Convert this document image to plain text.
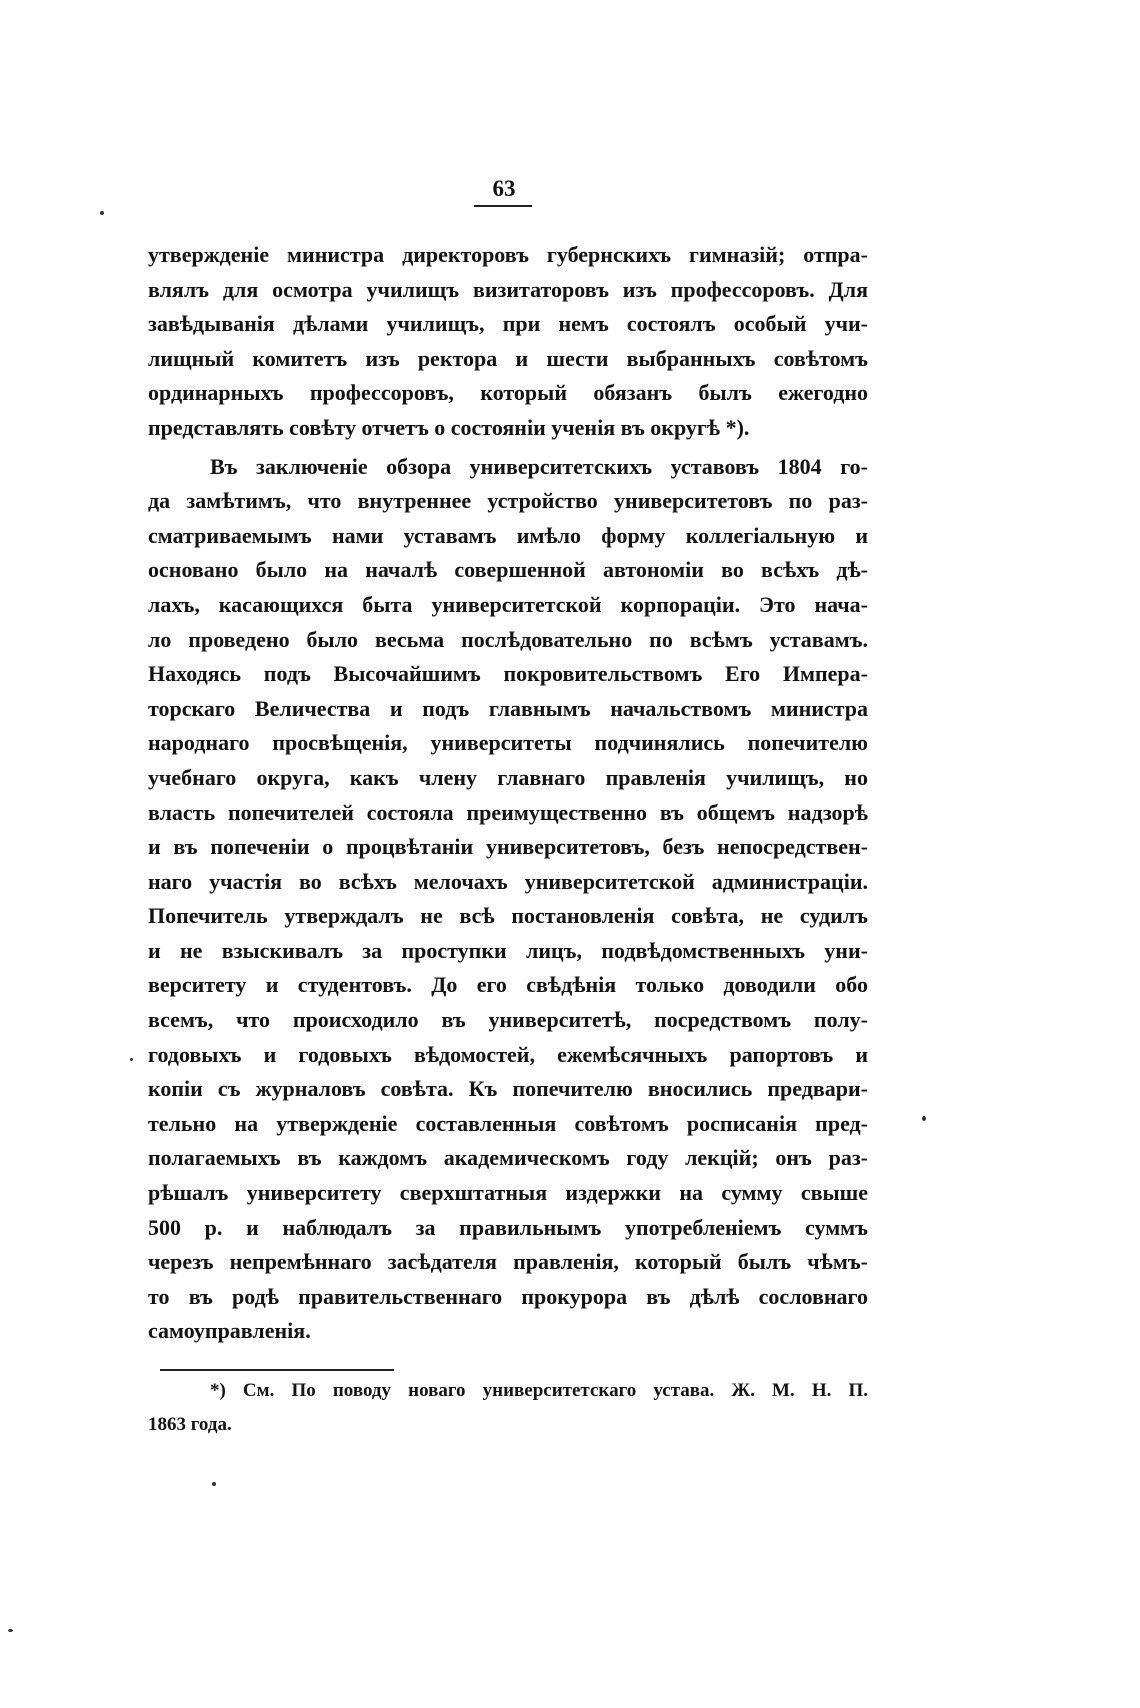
63
утвержденіе министра директоровъ губернскихъ гимназій; отпра-
влялъ для осмотра училищъ визитаторовъ изъ профессоровъ. Для
завѣдыванія дѣлами училищъ, при немъ состоялъ особый учи-
лищный комитетъ изъ ректора и шести выбранныхъ совѣтомъ
ординарныхъ профессоровъ, который обязанъ былъ ежегодно
представлять совѣту отчетъ о состояніи ученія въ округѣ *).
Въ заключеніе обзора университетскихъ уставовъ 1804 го-
да замѣтимъ, что внутреннее устройство университетовъ по раз-
сматриваемымъ нами уставамъ имѣло форму коллегіальную и
основано было на началѣ совершенной автономіи во всѣхъ дѣ-
лахъ, касающихся быта университетской корпораціи. Это нача-
ло проведено было весьма послѣдовательно по всѣмъ уставамъ.
Находясь подъ Высочайшимъ покровительствомъ Его Импера-
торскаго Величества и подъ главнымъ начальствомъ министра
народнаго просвѣщенія, университеты подчинялись попечителю
учебнаго округа, какъ члену главнаго правленія училищъ, но
власть попечителей состояла преимущественно въ общемъ надзорѣ
и въ попеченіи о процвѣтаніи университетовъ, безъ непосредствен-
наго участія во всѣхъ мелочахъ университетской администраціи.
Попечитель утверждалъ не всѣ постановленія совѣта, не судилъ
и не взыскивалъ за проступки лицъ, подвѣдомственныхъ уни-
верситету и студентовъ. До его свѣдѣнія только доводили обо
всемъ, что происходило въ университетѣ, посредствомъ полу-
годовыхъ и годовыхъ вѣдомостей, ежемѣсячныхъ рапортовъ и
копіи съ журналовъ совѣта. Къ попечителю вносились предвари-
тельно на утвержденіе составленныя совѣтомъ росписанія пред-
полагаемыхъ въ каждомъ академическомъ году лекцій; онъ раз-
рѣшалъ университету сверхштатныя издержки на сумму свыше
500 р. и наблюдалъ за правильнымъ употребленіемъ суммъ
черезъ непремѣннаго засѣдателя правленія, который былъ чѣмъ-
то въ родѣ правительственнаго прокурора въ дѣлѣ сословнаго
самоуправленія.
*) См. По поводу новаго университетскаго устава. Ж. М. Н. П.
1863 года.
